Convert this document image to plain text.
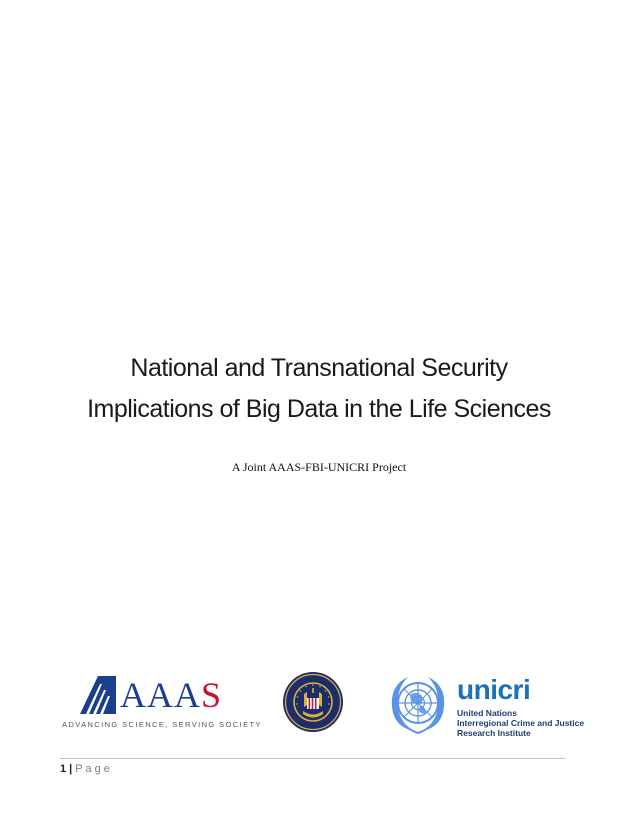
National and Transnational Security
Implications of Big Data in the Life Sciences
A Joint AAAS-FBI-UNICRI Project
AAAS
ADVANCING SCIENCE, SERVING SOCIETY
unicri
United Nations
Interregional Crime and Justice
Research Institute
1 | Page
